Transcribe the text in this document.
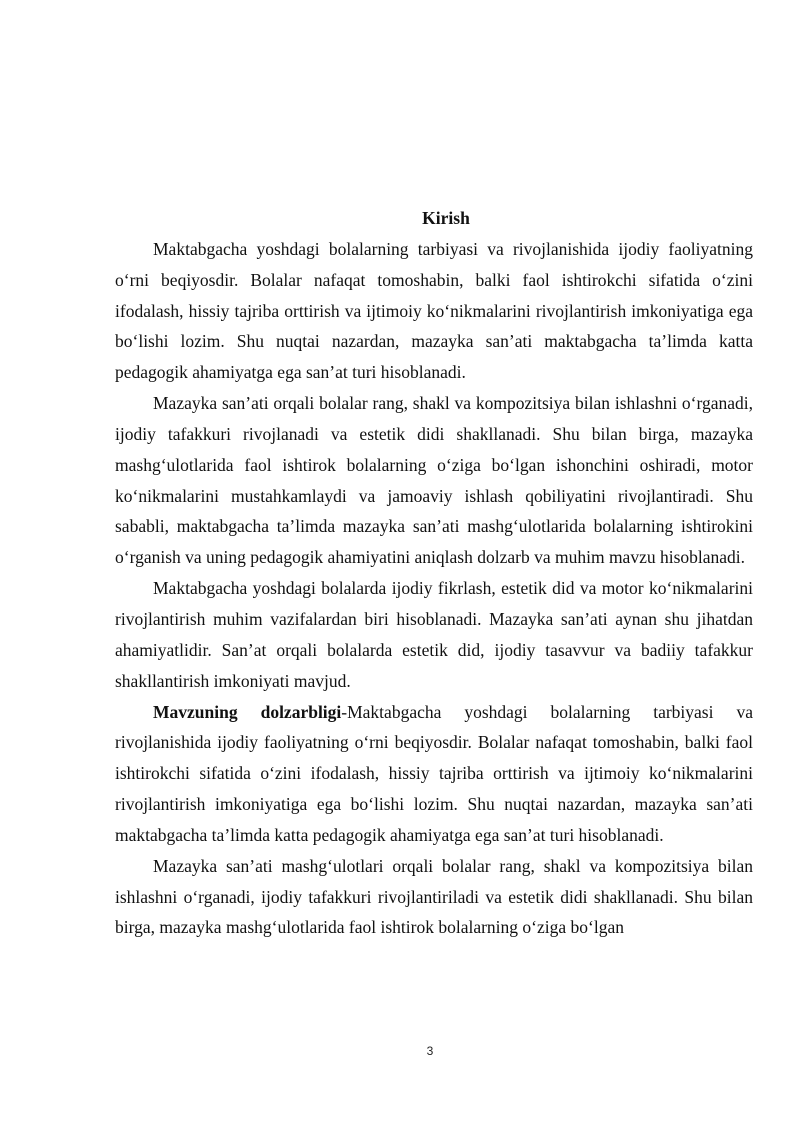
Kirish

Maktabgacha yoshdagi bolalarning tarbiyasi va rivojlanishida ijodiy faoliyatning o‘rni beqiyosdir. Bolalar nafaqat tomoshabin, balki faol ishtirokchi sifatida o‘zini ifodalash, hissiy tajriba orttirish va ijtimoiy ko‘nikmalarini rivojlantirish imkoniyatiga ega bo‘lishi lozim. Shu nuqtai nazardan, mazayka san’ati maktabgacha ta’limda katta pedagogik ahamiyatga ega san’at turi hisoblanadi.

Mazayka san’ati orqali bolalar rang, shakl va kompozitsiya bilan ishlashni o‘rganadi, ijodiy tafakkuri rivojlanadi va estetik didi shakllanadi. Shu bilan birga, mazayka mashg‘ulotlarida faol ishtirok bolalarning o‘ziga bo‘lgan ishonchini oshiradi, motor ko‘nikmalarini mustahkamlaydi va jamoaviy ishlash qobiliyatini rivojlantiradi. Shu sababli, maktabgacha ta’limda mazayka san’ati mashg‘ulotlarida bolalarning ishtirokini o‘rganish va uning pedagogik ahamiyatini aniqlash dolzarb va muhim mavzu hisoblanadi.

Maktabgacha yoshdagi bolalarda ijodiy fikrlash, estetik did va motor ko‘nikmalarini rivojlantirish muhim vazifalardan biri hisoblanadi. Mazayka san’ati aynan shu jihatdan ahamiyatlidir. San’at orqali bolalarda estetik did, ijodiy tasavvur va badiiy tafakkur shakllantirish imkoniyati mavjud.

Mavzuning dolzarbligi-Maktabgacha yoshdagi bolalarning tarbiyasi va rivojlanishida ijodiy faoliyatning o‘rni beqiyosdir. Bolalar nafaqat tomoshabin, balki faol ishtirokchi sifatida o‘zini ifodalash, hissiy tajriba orttirish va ijtimoiy ko‘nikmalarini rivojlantirish imkoniyatiga ega bo‘lishi lozim. Shu nuqtai nazardan, mazayka san’ati maktabgacha ta’limda katta pedagogik ahamiyatga ega san’at turi hisoblanadi.

Mazayka san’ati mashg‘ulotlari orqali bolalar rang, shakl va kompozitsiya bilan ishlashni o‘rganadi, ijodiy tafakkuri rivojlantiriladi va estetik didi shakllanadi. Shu bilan birga, mazayka mashg‘ulotlarida faol ishtirok bolalarning o‘ziga bo‘lgan

3
